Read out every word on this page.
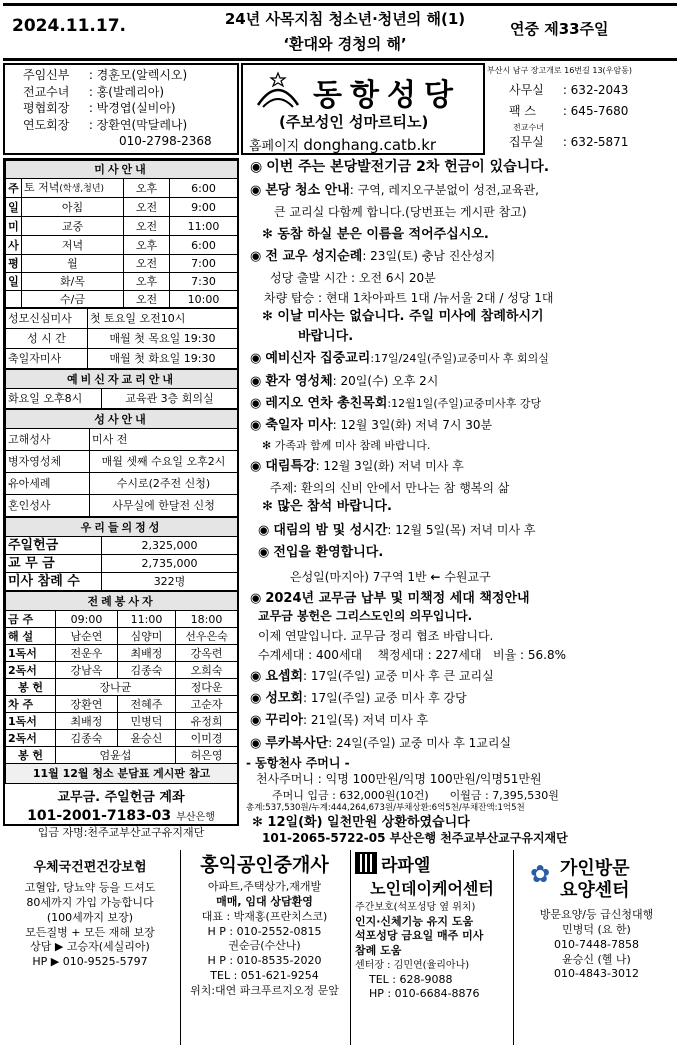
2024.11.17.	24년 사목지침 청소년·청년의 해(1)
‘환대와 경청의 해’
연중 제33주일
주임신부 : 경훈모(알렉시오)
전교수녀 : 홍(발레리아)
평협회장 : 박경엽(실비아)
연도회장 : 장환연(막달레나)
010-2798-2368
동항성당
(주보성인 성마르티노)
홈페이지 donghang.catb.kr
부산시 남구 장고개로 16번길 13(우암동)
사무실 : 632-2043
팩 스 : 645-7680
전교수녀
집무실 : 632-5871
미사안내			
주	토 저녁(학생,청년)	오후	6:00
일	아침	오전	9:00
미	교중	오전	11:00
사	저녁	오후	6:00
평	월	오전	7:00
일	화/목	오후	7:30
	수/금	오전	10:00
성모신심미사	첫 토요일 오전10시
성 시 간	매월 첫 목요일 19:30
축일자미사	매월 첫 화요일 19:30
예비신자교리안내
화요일 오후8시	교육관 3층 회의실
성사안내	
고해성사	미사 전
병자영성체	매월 셋째 수요일 오후2시
유아세례	수시로(2주전 신청)
혼인성사	사무실에 한달전 신청
우리들의정성	
주일헌금	2,325,000
교 무 금	2,735,000
미사 참례 수	322명
전례봉사자			
금 주	09:00	11:00	18:00
해 설	남순연	심양미	선우은숙
1독서	전운우	최배정	강옥련
2독서	강남옥	김종숙	오희숙
봉 헌	장나균		정다운
차 주	장환연	전혜주	고순자
1독서	최배정	민병덕	유정희
2독서	김종숙	윤승신	이미경
봉 헌	엄윤섭		허은영
11월 12월 청소 분담표 게시판 참고			
교무금. 주일헌금 계좌
101-2001-7183-03 부산은행
입금 자명:천주교부산교구유지재단
◉ 이번 주는 본당발전기금 2차 헌금이 있습니다.
◉ 본당 청소 안내: 구역, 레지오구분없이 성전,교육관,
큰 교리실 다함께 합니다.(당번표는 게시판 참고)
✻ 동참 하실 분은 이름을 적어주십시오.
◉ 전 교우 성지순례: 23일(토) 충남 진산성지
성당 출발 시간 : 오전 6시 20분
차량 탑승 : 현대 1차아파트 1대 /뉴서울 2대 / 성당 1대
✻ 이날 미사는 없습니다. 주일 미사에 참례하시기
바랍니다.
◉ 예비신자 집중교리:17일/24일(주일)교중미사 후 회의실
◉ 환자 영성체: 20일(수) 오후 2시
◉ 레지오 연차 총친목회:12월1일(주일)교중미사후 강당
◉ 축일자 미사: 12월 3일(화) 저녁 7시 30분
✻ 가족과 함께 미사 참례 바랍니다.
◉ 대림특강: 12월 3일(화) 저녁 미사 후
주제: 환의의 신비 안에서 만나는 참 행복의 삶
✻ 많은 참석 바랍니다.
◉ 대림의 밤 및 성시간: 12월 5일(목) 저녁 미사 후
◉ 전입을 환영합니다.
은성일(마지아) 7구역 1반 ← 수원교구
◉ 2024년 교무금 납부 및 미책정 세대 책정안내
교무금 봉헌은 그리스도인의 의무입니다.
이제 연말입니다. 교무금 정리 협조 바랍니다.
수계세대 : 400세대 책정세대 : 227세대 비율 : 56.8%
◉ 요셉회: 17일(주일) 교중 미사 후 큰 교리실
◉ 성모회: 17일(주일) 교중 미사 후 강당
◉ 꾸리아: 21일(목) 저녁 미사 후
◉ 루카복사단: 24일(주일) 교중 미사 후 1교리실
- 동항천사 주머니 -
천사주머니 : 익명 100만원/익명 100만원/익명51만원
주머니 입금 : 632,000원(10건) 이월금 : 7,395,530원
총계:537,530원/누계:444,264,673원/부채상환:6억5천/부채잔액:1억5천
✻ 12일(화) 일천만원 상환하였습니다
101-2065-5722-05 부산은행 천주교부산교구유지재단
우체국건편건강보험
고혈압, 당뇨약 등을 드셔도
80세까지 가입 가능합니다
(100세까지 보장)
모든질병 + 모든 재해 보장
상담 ▶ 고승자(세실리아)
HP ▶ 010-9525-5797
홍익공인중개사
아파트,주택상가,재개발
매매, 임대 상담환영
대표 : 박재홍(프란치스코)
H P : 010-2552-0815
권순금(수산나)
H P : 010-8535-2020
TEL : 051-621-9254
위치:대연 파크푸르지오정 문앞
라파엘
노인데이케어센터
주간보호(석포성당 옆 위치)
인지·신체기능 유지 도움
석포성당 금요일 매주 미사
참례 도움
센터장 : 김민연(율리아나)
TEL : 628-9088
HP : 010-6684-8876
✿ 가인방문
요양센터
방문요양/등 급신청대행
민병덕 (요 한)
010-7448-7858
윤승신 (헬 나)
010-4843-3012
